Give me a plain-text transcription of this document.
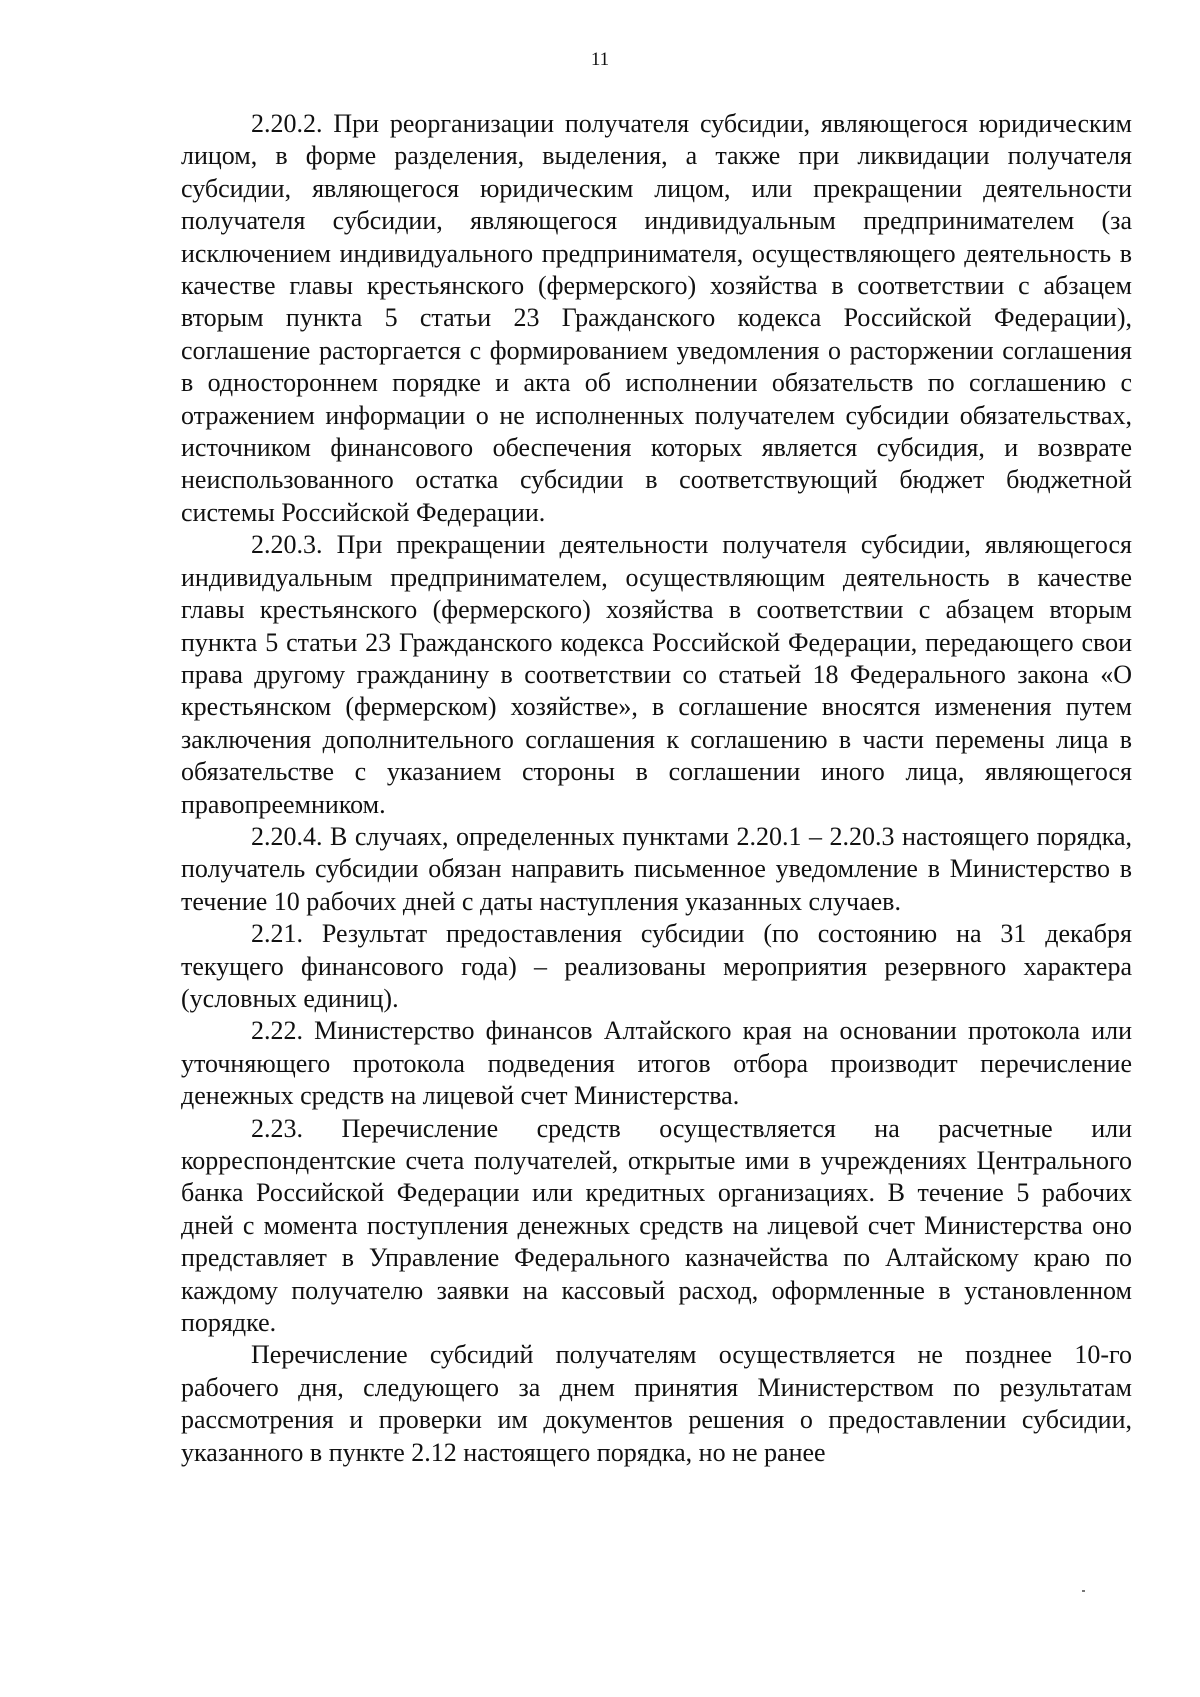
11

2.20.2. При реорганизации получателя субсидии, являющегося юридическим лицом, в форме разделения, выделения, а также при ликвидации получателя субсидии, являющегося юридическим лицом, или прекращении деятельности получателя субсидии, являющегося индивидуальным предпринимателем (за исключением индивидуального предпринимателя, осуществляющего деятельность в качестве главы крестьянского (фермерского) хозяйства в соответствии с абзацем вторым пункта 5 статьи 23 Гражданского кодекса Российской Федерации), соглашение расторгается с формированием уведомления о расторжении соглашения в одностороннем порядке и акта об исполнении обязательств по соглашению с отражением информации о не исполненных получателем субсидии обязательствах, источником финансового обеспечения которых является субсидия, и возврате неиспользованного остатка субсидии в соответствующий бюджет бюджетной системы Российской Федерации.

2.20.3. При прекращении деятельности получателя субсидии, являющегося индивидуальным предпринимателем, осуществляющим деятельность в качестве главы крестьянского (фермерского) хозяйства в соответствии с абзацем вторым пункта 5 статьи 23 Гражданского кодекса Российской Федерации, передающего свои права другому гражданину в соответствии со статьей 18 Федерального закона «О крестьянском (фермерском) хозяйстве», в соглашение вносятся изменения путем заключения дополнительного соглашения к соглашению в части перемены лица в обязательстве с указанием стороны в соглашении иного лица, являющегося правопреемником.

2.20.4. В случаях, определенных пунктами 2.20.1 – 2.20.3 настоящего порядка, получатель субсидии обязан направить письменное уведомление в Министерство в течение 10 рабочих дней с даты наступления указанных случаев.

2.21. Результат предоставления субсидии (по состоянию на 31 декабря текущего финансового года) – реализованы мероприятия резервного характера (условных единиц).

2.22. Министерство финансов Алтайского края на основании протокола или уточняющего протокола подведения итогов отбора производит перечисление денежных средств на лицевой счет Министерства.

2.23. Перечисление средств осуществляется на расчетные или корреспондентские счета получателей, открытые ими в учреждениях Центрального банка Российской Федерации или кредитных организациях. В течение 5 рабочих дней с момента поступления денежных средств на лицевой счет Министерства оно представляет в Управление Федерального казначейства по Алтайскому краю по каждому получателю заявки на кассовый расход, оформленные в установленном порядке.

Перечисление субсидий получателям осуществляется не позднее 10-го рабочего дня, следующего за днем принятия Министерством по результатам рассмотрения и проверки им документов решения о предоставлении субсидии, указанного в пункте 2.12 настоящего порядка, но не ранее
